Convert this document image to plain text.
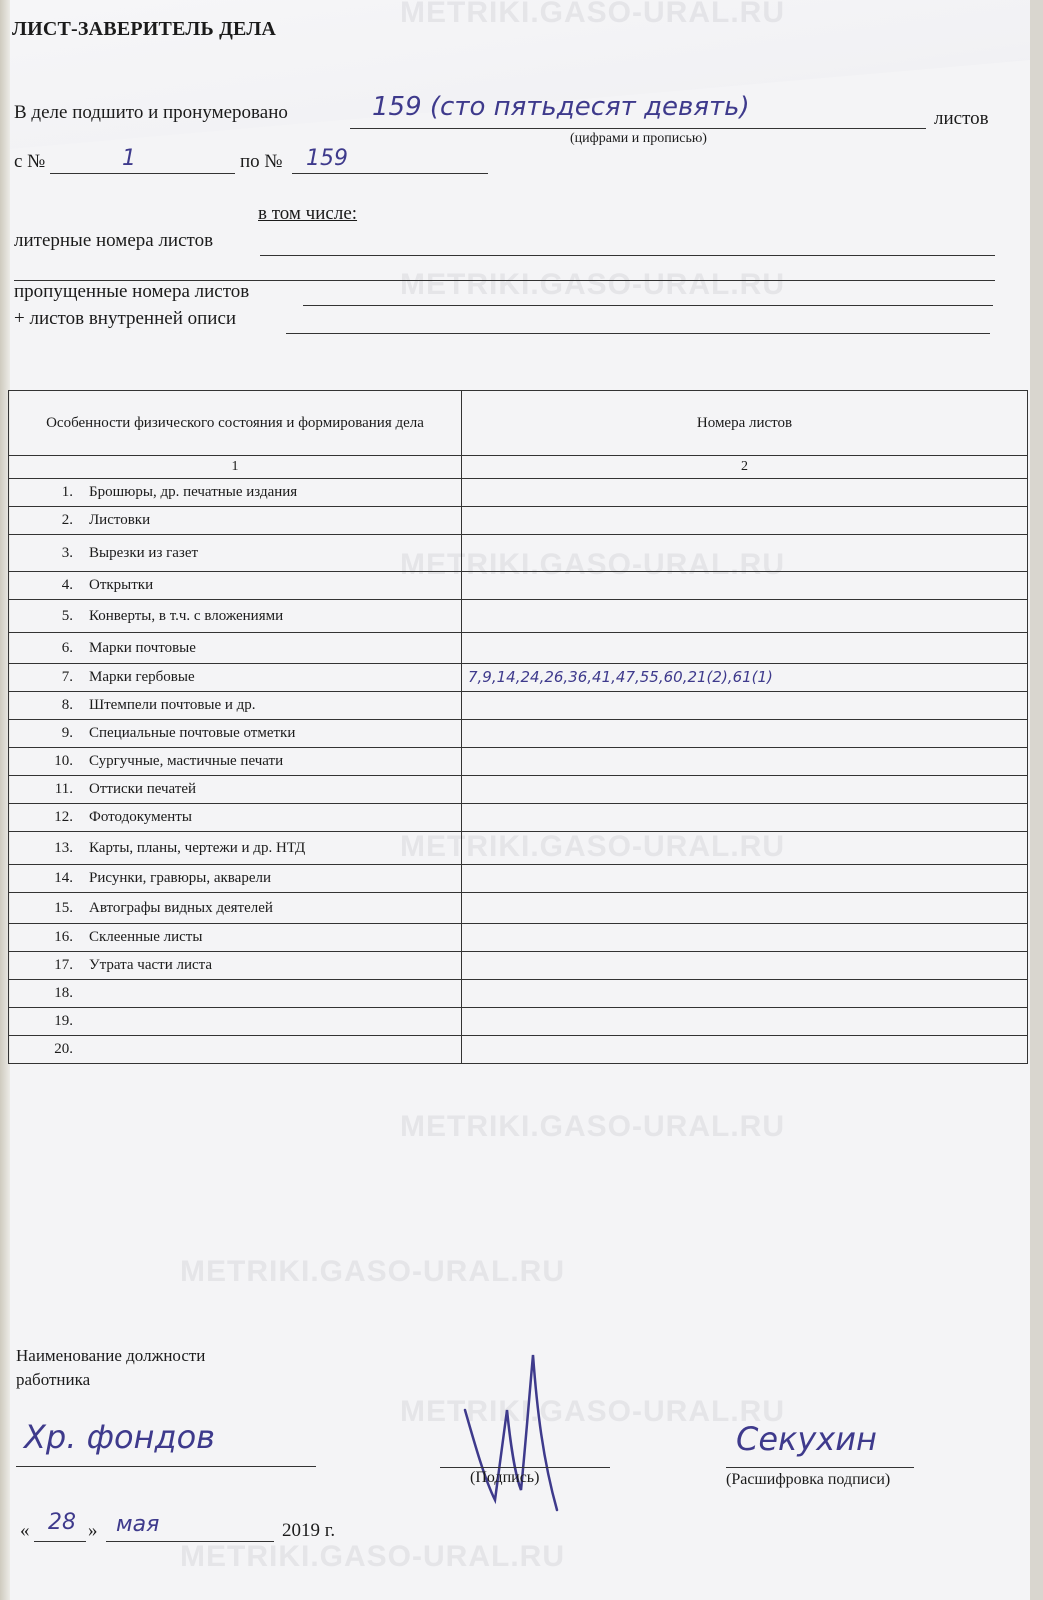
METRIKI.GASO-URAL.RU
METRIKI.GASO-URAL.RU
METRIKI.GASO-URAL.RU
METRIKI.GASO-URAL.RU
METRIKI.GASO-URAL.RU
METRIKI.GASO-URAL.RU
METRIKI.GASO-URAL.RU
METRIKI.GASO-URAL.RU
ЛИСТ-ЗАВЕРИТЕЛЬ ДЕЛА
В деле подшито и пронумеровано	159 (сто пятьдесят девять)	листов
(цифрами и прописью)
с №	1	по № 159
в том числе:
литерные номера листов
пропущенные номера листов
+ листов внутренней описи
Особенности физического состояния и формирования дела	Номера листов
1	2
1. Брошюры, др. печатные издания	
2. Листовки	
3. Вырезки из газет	
4. Открытки	
5. Конверты, в т.ч. с вложениями	
6. Марки почтовые	
7. Марки гербовые	7,9,14,24,26,36,41,47,55,60,21(2),61(1)
8. Штемпели почтовые и др.	
9. Специальные почтовые отметки	
10. Сургучные, мастичные печати	
11. Оттиски печатей	
12. Фотодокументы	
13. Карты, планы, чертежи и др. НТД	
14. Рисунки, гравюры, акварели	
15. Автографы видных деятелей	
16. Склеенные листы	
17. Утрата части листа	
18.	
19.	
20.	
Наименование должности
работника
Хр. фондов
(Подпись)
Секухин
(Расшифровка подписи)
« 28 » мая	2019 г.
